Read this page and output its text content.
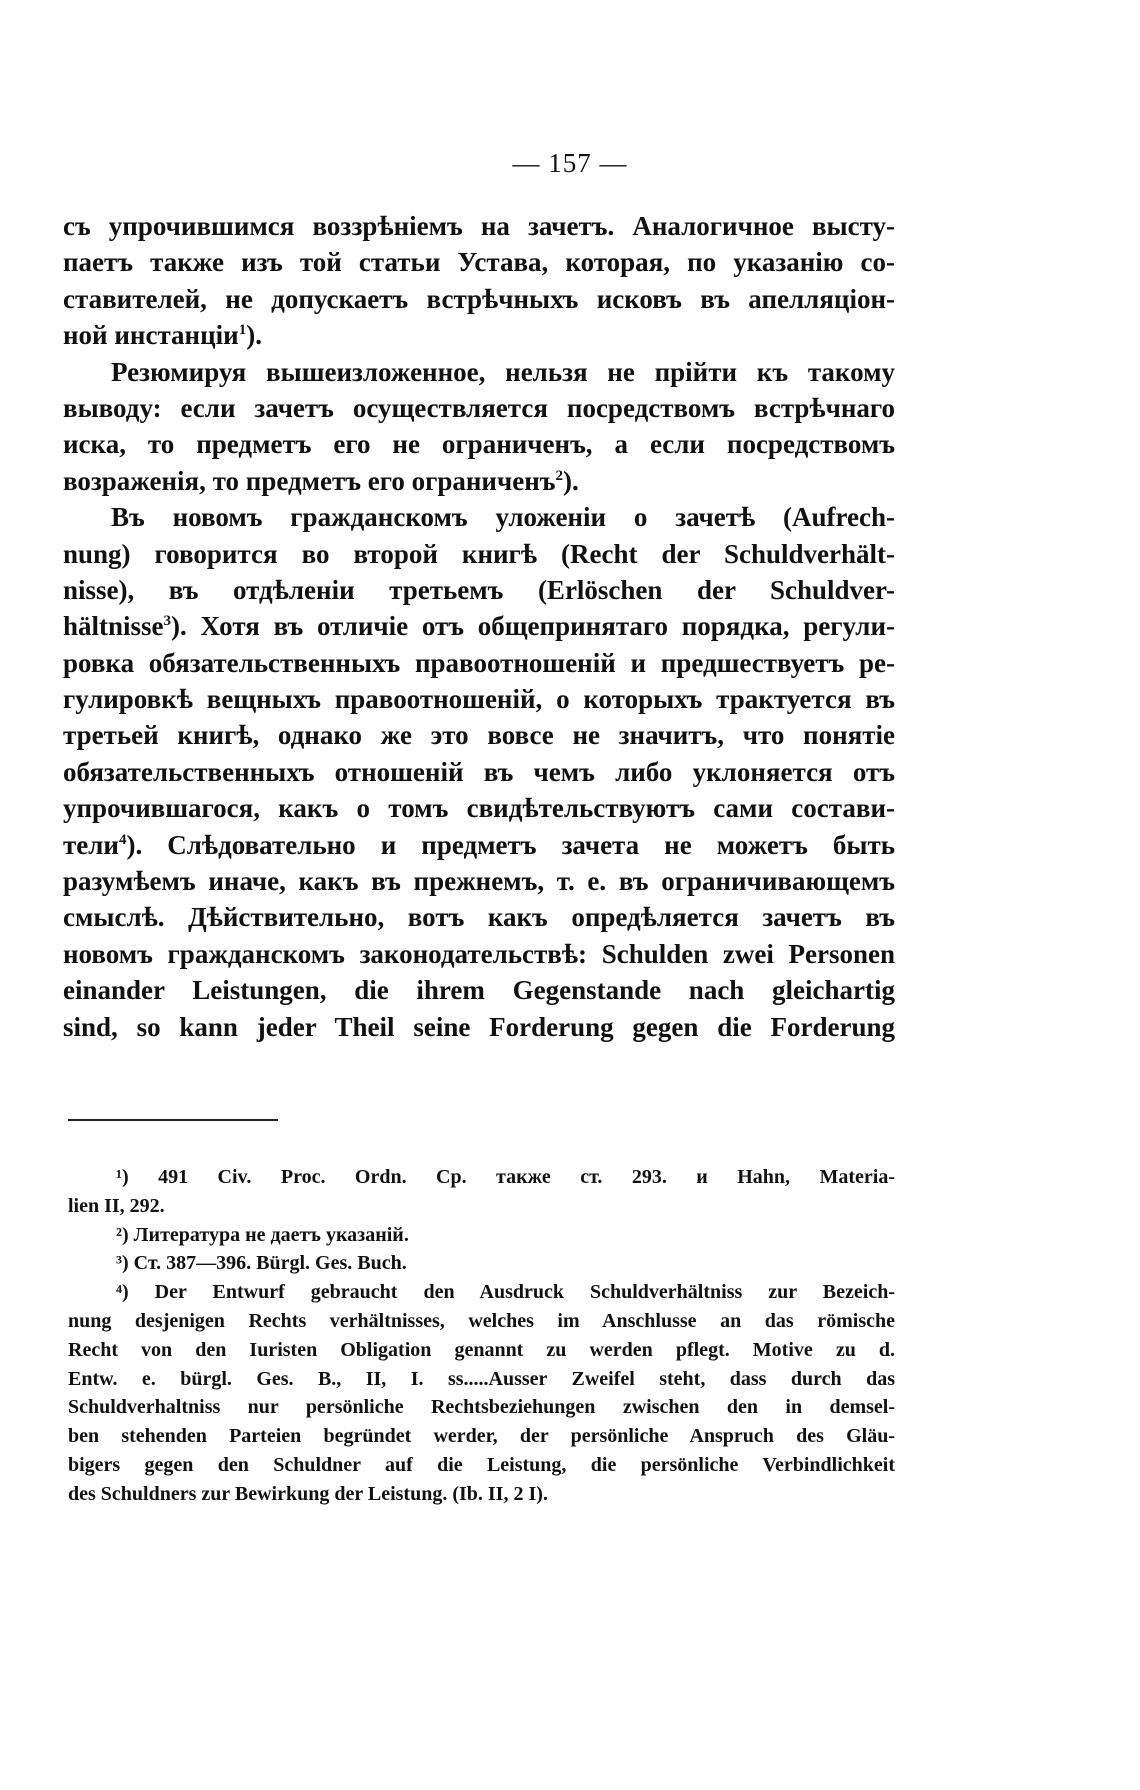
— 157 —
съ упрочившимся воззрѣніемъ на зачетъ. Аналогичное высту-
паетъ также изъ той статьи Устава, которая, по указанію со-
ставителей, не допускаетъ встрѣчныхъ исковъ въ апелляціон-
ной инстанціи$^1$).
Резюмируя вышеизложенное, нельзя не прійти къ такому
выводу: если зачетъ осуществляется посредствомъ встрѣчнаго
иска, то предметъ его не ограниченъ, а если посредствомъ
возраженія, то предметъ его ограниченъ$^2$).
Въ новомъ гражданскомъ уложеніи о зачетѣ (Aufrech-
nung) говорится во второй книгѣ (Recht der Schuldverhält-
nisse), въ отдѣленіи третьемъ (Erlöschen der Schuldver-
hältnisse$^3$). Хотя въ отличіе отъ общепринятаго порядка, регули-
ровка обязательственныхъ правоотношеній и предшествуетъ ре-
гулировкѣ вещныхъ правоотношеній, о которыхъ трактуется въ
третьей книгѣ, однако же это вовсе не значитъ, что понятіе
обязательственныхъ отношеній въ чемъ либо уклоняется отъ
упрочившагося, какъ о томъ свидѣтельствуютъ сами состави-
тели$^4$). Слѣдовательно и предметъ зачета не можетъ быть
разумѣемъ иначе, какъ въ прежнемъ, т. е. въ ограничивающемъ
смыслѣ. Дѣйствительно, вотъ какъ опредѣляется зачетъ въ
новомъ гражданскомъ законодательствѣ: Schulden zwei Personen
einander Leistungen, die ihrem Gegenstande nach gleichartig
sind, so kann jeder Theil seine Forderung gegen die Forderung
¹) 491 Civ. Proc. Ordn. Ср. также ст. 293. и Hahn, Materia-
lien II, 292.
²) Литература не даетъ указаній.
³) Ст. 387—396. Bürgl. Ges. Buch.
⁴) Der Entwurf gebraucht den Ausdruck Schuldverhältniss zur Bezeich-
nung desjenigen Rechts verhältnisses, welches im Anschlusse an das römische
Recht von den Iuristen Obligation genannt zu werden pflegt. Motive zu d.
Entw. e. bürgl. Ges. B., II, I. ss.....Ausser Zweifel steht, dass durch das
Schuldverhaltniss nur persönliche Rechtsbeziehungen zwischen den in demsel-
ben stehenden Parteien begründet werder, der persönliche Anspruch des Gläu-
bigers gegen den Schuldner auf die Leistung, die persönliche Verbindlichkeit
des Schuldners zur Bewirkung der Leistung. (Ib. II, 2 I).
